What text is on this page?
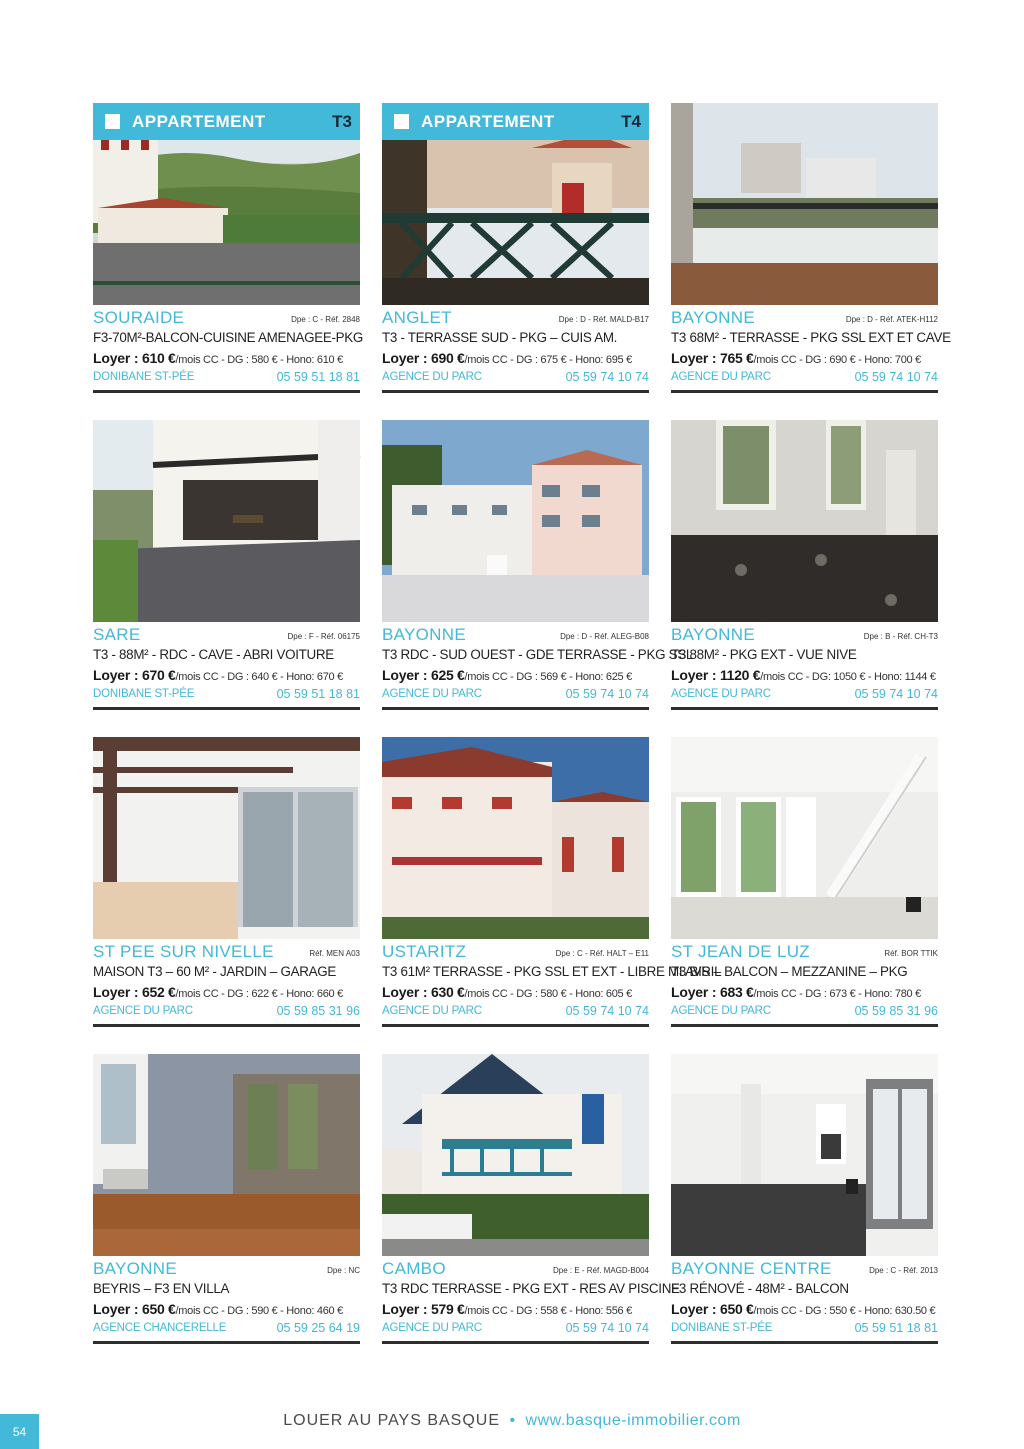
APPARTEMENT	T3
SOURAIDE	Dpe : C - Réf. 2848
F3-70M²-BALCON-CUISINE AMENAGEE-PKG
Loyer : 610 €/mois CC - DG : 580 € - Hono: 610 €
DONIBANE ST-PÉE	05 59 51 18 81
APPARTEMENT	T4
ANGLET	Dpe : D - Réf. MALD-B17
T3 - TERRASSE SUD - PKG – CUIS AM.
Loyer : 690 €/mois CC - DG : 675 € - Hono: 695 €
AGENCE DU PARC	05 59 74 10 74
BAYONNE	Dpe : D - Réf. ATEK-H112
T3 68M² - TERRASSE - PKG SSL EXT ET CAVE
Loyer : 765 €/mois CC - DG : 690 € - Hono: 700 €
AGENCE DU PARC	05 59 74 10 74
SARE	Dpe : F - Réf. 06175
T3 - 88M² - RDC - CAVE - ABRI VOITURE
Loyer : 670 €/mois CC - DG : 640 € - Hono: 670 €
DONIBANE ST-PÉE	05 59 51 18 81
BAYONNE	Dpe : D - Réf. ALEG-B08
T3 RDC - SUD OUEST - GDE TERRASSE - PKG SSL
Loyer : 625 €/mois CC - DG : 569 € - Hono: 625 €
AGENCE DU PARC	05 59 74 10 74
BAYONNE	Dpe : B - Réf. CH-T3
T3 88M² - PKG EXT - VUE NIVE
Loyer : 1120 €/mois CC - DG: 1050 € - Hono: 1144 €
AGENCE DU PARC	05 59 74 10 74
ST PEE SUR NIVELLE	Réf. MEN A03
MAISON T3 – 60 M² - JARDIN – GARAGE
Loyer : 652 €/mois CC - DG : 622 € - Hono: 660 €
AGENCE DU PARC	05 59 85 31 96
USTARITZ	Dpe : C - Réf. HALT – E11
T3 61M² TERRASSE - PKG SSL ET EXT - LIBRE MI AVRIL
Loyer : 630 €/mois CC - DG : 580 € - Hono: 605 €
AGENCE DU PARC	05 59 74 10 74
ST JEAN DE LUZ	Réf. BOR TTIK
T3 BIS – BALCON – MEZZANINE – PKG
Loyer : 683 €/mois CC - DG : 673 € - Hono: 780 €
AGENCE DU PARC	05 59 85 31 96
BAYONNE	Dpe : NC
BEYRIS – F3 EN VILLA
Loyer : 650 €/mois CC - DG : 590 € - Hono: 460 €
AGENCE CHANCERELLE	05 59 25 64 19
CAMBO	Dpe : E - Réf. MAGD-B004
T3 RDC TERRASSE - PKG EXT - RES AV PISCINE
Loyer : 579 €/mois CC - DG : 558 € - Hono: 556 €
AGENCE DU PARC	05 59 74 10 74
BAYONNE CENTRE	Dpe : C - Réf. 2013
F3 RÉNOVÉ - 48M² - BALCON
Loyer : 650 €/mois CC - DG : 550 € - Hono: 630.50 €
DONIBANE ST-PÉE	05 59 51 18 81
54
LOUER AU PAYS BASQUE • www.basque-immobilier.com
